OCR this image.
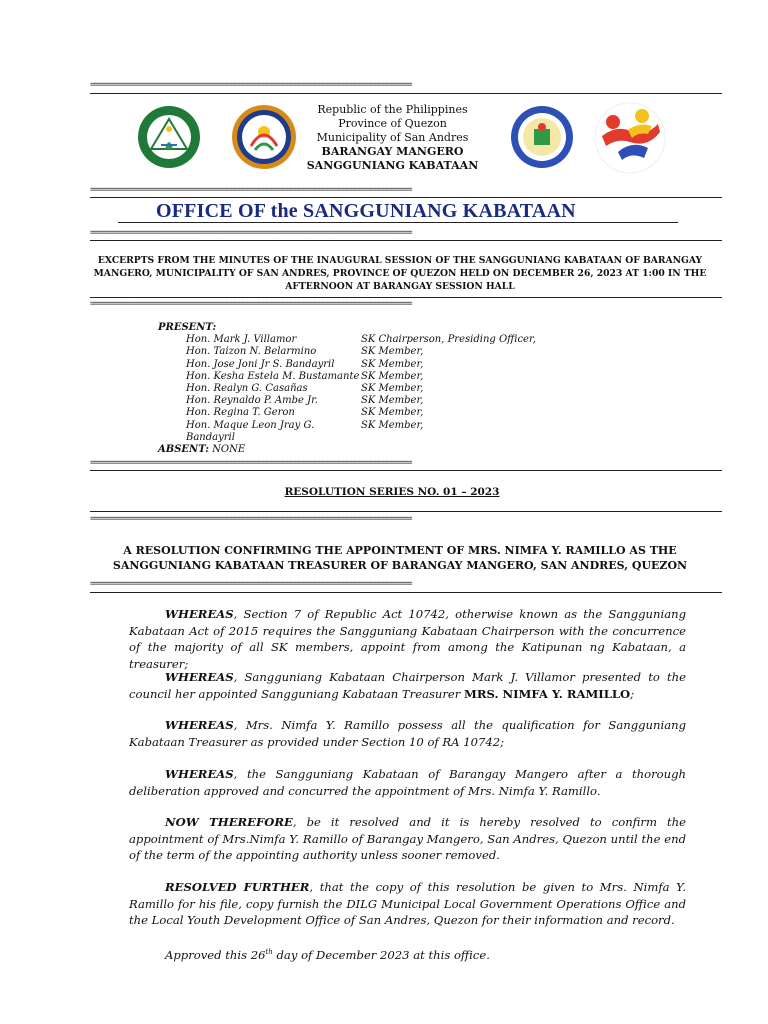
================================================================================
Republic of the Philippines
Province of Quezon
Municipality of San Andres
BARANGAY MANGERO
SANGGUNIANG KABATAAN
================================================================================
OFFICE OF the SANGGUNIANG KABATAAN
================================================================================
EXCERPTS FROM THE MINUTES OF THE INAUGURAL SESSION OF THE SANGGUNIANG KABATAAN OF BARANGAY MANGERO, MUNICIPALITY OF SAN ANDRES, PROVINCE OF QUEZON HELD ON DECEMBER 26, 2023 AT 1:00 IN THE AFTERNOON AT BARANGAY SESSION HALL
================================================================================
PRESENT:
Hon. Mark J. Villamor	SK Chairperson, Presiding Officer,
Hon. Taizon N. Belarmino	SK Member,
Hon. Jose Joni Jr S. Bandayril	SK Member,
Hon. Kesha Estela M. Bustamante SK Member,
Hon. Realyn G. Casañas	SK Member,
Hon. Reynaldo P. Ambe Jr.	SK Member,
Hon. Regina T. Geron	SK Member,
Hon. Maque Leon Jray G. Bandayril
SK Member,
ABSENT: NONE
================================================================================
RESOLUTION SERIES NO. 01 – 2023
================================================================================
A RESOLUTION CONFIRMING THE APPOINTMENT OF MRS. NIMFA Y. RAMILLO AS THE
SANGGUNIANG KABATAAN TREASURER OF BARANGAY MANGERO, SAN ANDRES, QUEZON
================================================================================
WHEREAS, Section 7 of Republic Act 10742, otherwise known as the Sangguniang Kabataan Act of 2015 requires the Sangguniang Kabataan Chairperson with the concurrence of the majority of all SK members, appoint from among the Katipunan ng Kabataan, a treasurer;
WHEREAS, Sangguniang Kabataan Chairperson Mark J. Villamor presented to the council her appointed Sangguniang Kabataan Treasurer MRS. NIMFA Y. RAMILLO;
WHEREAS, Mrs. Nimfa Y. Ramillo possess all the qualification for Sangguniang Kabataan Treasurer as provided under Section 10 of RA 10742;
WHEREAS, the Sangguniang Kabataan of Barangay Mangero after a thorough deliberation approved and concurred the appointment of Mrs. Nimfa Y. Ramillo.
NOW THEREFORE, be it resolved and it is hereby resolved to confirm the appointment of Mrs.Nimfa Y. Ramillo of Barangay Mangero, San Andres, Quezon until the end of the term of the appointing authority unless sooner removed.
RESOLVED FURTHER, that the copy of this resolution be given to Mrs. Nimfa Y. Ramillo for his file, copy furnish the DILG Municipal Local Government Operations Office and the Local Youth Development Office of San Andres, Quezon for their information and record.
Approved this 26th day of December 2023 at this office.
